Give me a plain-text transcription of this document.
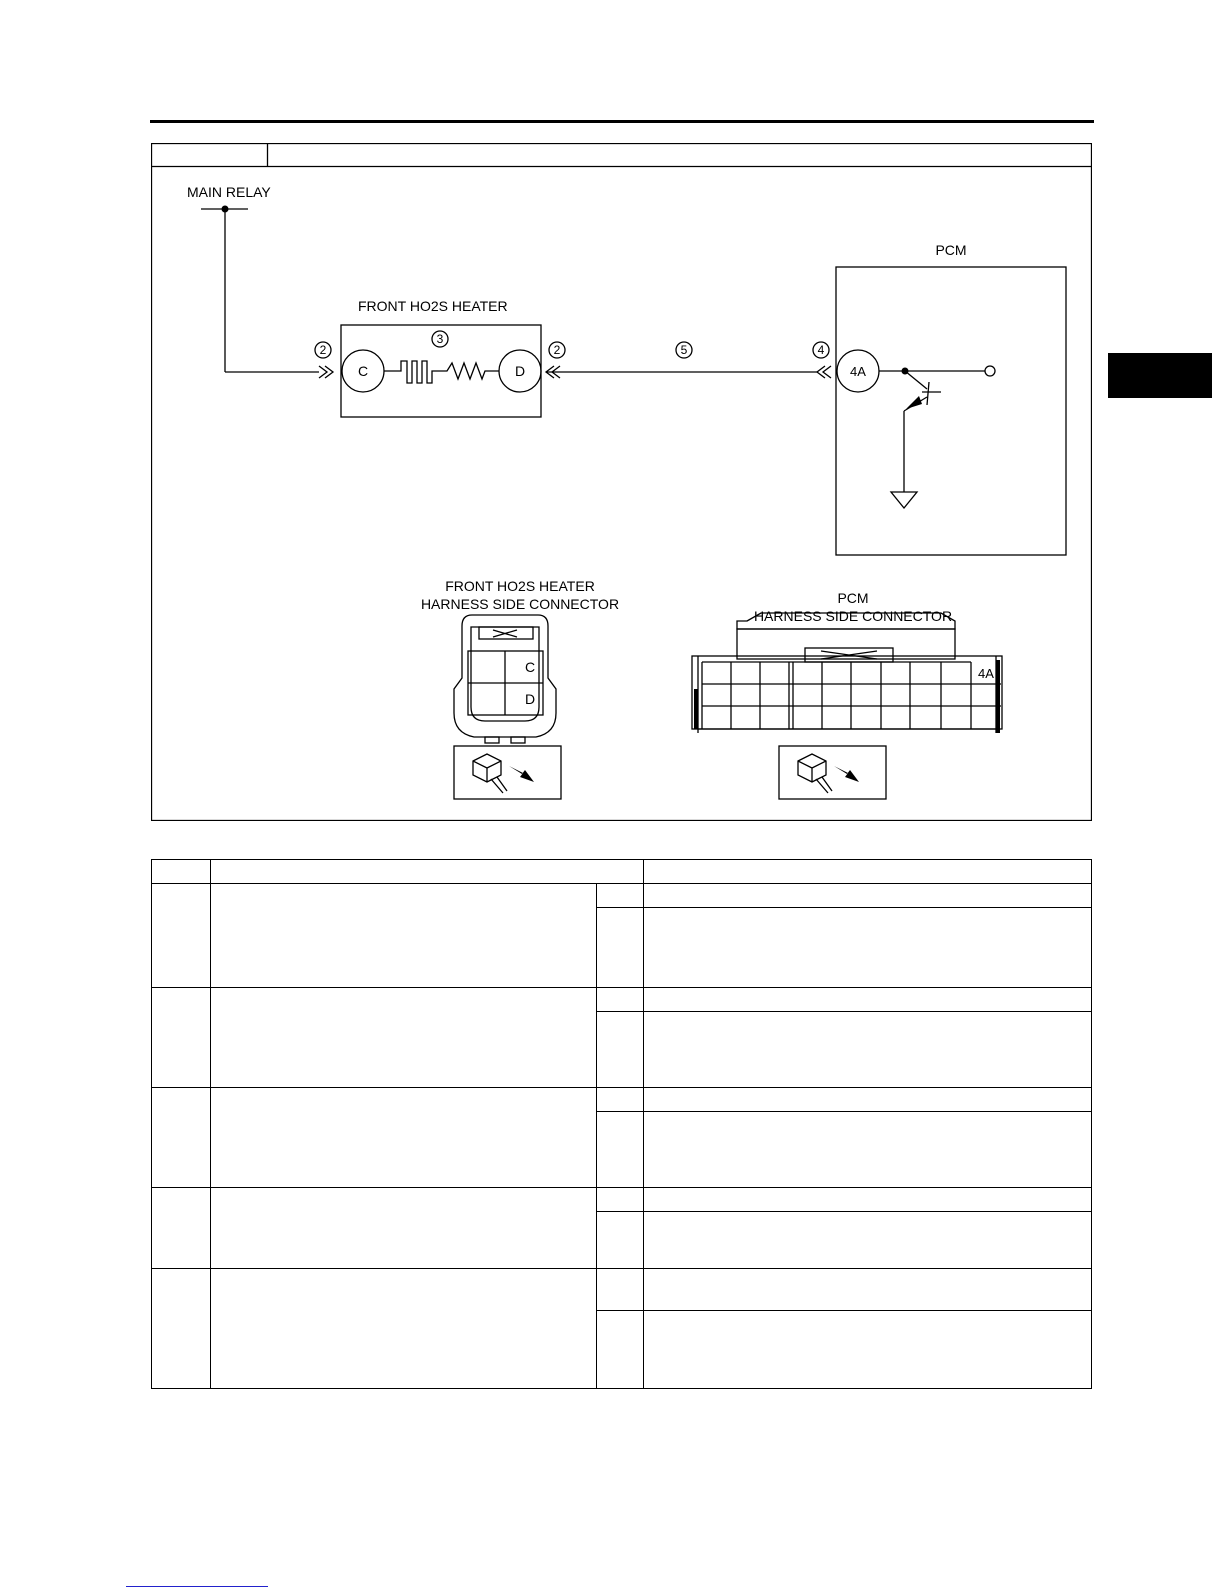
MAIN RELAY
FRONT HO2S HEATER
PCM
2
3
2	5	4
C	D	4A
FRONT HO2S HEATER
HARNESS SIDE CONNECTOR
C
D
PCM
HARNESS SIDE CONNECTOR
4A
